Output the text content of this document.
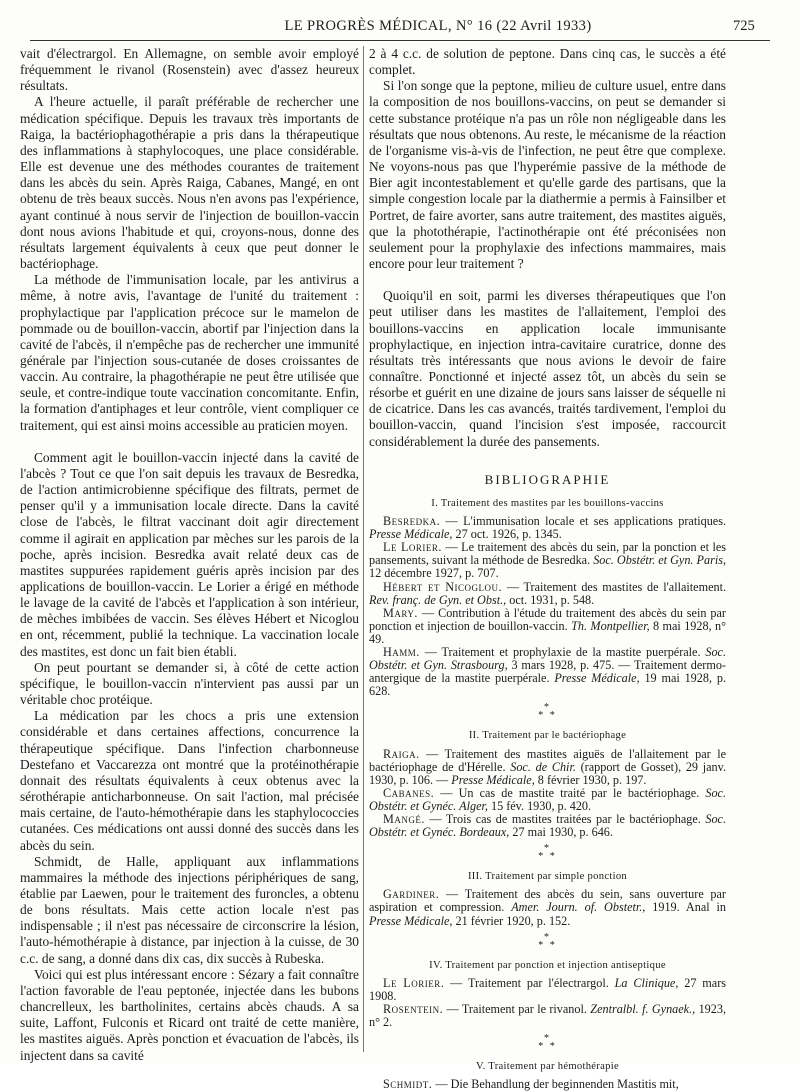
LE PROGRÈS MÉDICAL, N° 16 (22 Avril 1933)	725

vait d'électrargol. En Allemagne, on semble avoir employé fréquemment le rivanol (Rosenstein) avec d'assez heureux résultats.

A l'heure actuelle, il paraît préférable de rechercher une médication spécifique. Depuis les travaux très importants de Raiga, la bactériophagothérapie a pris dans la thérapeutique des inflammations à staphylocoques, une place considérable. Elle est devenue une des méthodes courantes de traitement dans les abcès du sein. Après Raiga, Cabanes, Mangé, en ont obtenu de très beaux succès. Nous n'en avons pas l'expérience, ayant continué à nous servir de l'injection de bouillon-vaccin dont nous avions l'habitude et qui, croyons-nous, donne des résultats largement équivalents à ceux que peut donner le bactériophage.

La méthode de l'immunisation locale, par les antivirus a même, à notre avis, l'avantage de l'unité du traitement : prophylactique par l'application précoce sur le mamelon de pommade ou de bouillon-vaccin, abortif par l'injection dans la cavité de l'abcès, il n'empêche pas de rechercher une immunité générale par l'injection sous-cutanée de doses croissantes de vaccin. Au contraire, la phagothérapie ne peut être utilisée que seule, et contre-indique toute vaccination concomitante. Enfin, la formation d'antiphages et leur contrôle, vient compliquer ce traitement, qui est ainsi moins accessible au praticien moyen.

Comment agit le bouillon-vaccin injecté dans la cavité de l'abcès ? Tout ce que l'on sait depuis les travaux de Besredka, de l'action antimicrobienne spécifique des filtrats, permet de penser qu'il y a immunisation locale directe. Dans la cavité close de l'abcès, le filtrat vaccinant doit agir directement comme il agirait en application par mèches sur les parois de la poche, après incision. Besredka avait relaté deux cas de mastites suppurées rapidement guéris après incision par des applications de bouillon-vaccin. Le Lorier a érigé en méthode le lavage de la cavité de l'abcès et l'application à son intérieur, de mèches imbibées de vaccin. Ses élèves Hébert et Nicoglou en ont, récemment, publié la technique. La vaccination locale des mastites, est donc un fait bien établi.

On peut pourtant se demander si, à côté de cette action spécifique, le bouillon-vaccin n'intervient pas aussi par un véritable choc protéique.

La médication par les chocs a pris une extension considérable et dans certaines affections, concurrence la thérapeutique spécifique. Dans l'infection charbonneuse Destefano et Vaccarezza ont montré que la protéinothérapie donnait des résultats équivalents à ceux obtenus avec la sérothérapie anticharbonneuse. On sait l'action, mal précisée mais certaine, de l'auto-hémothérapie dans les staphylococcies cutanées. Ces médications ont aussi donné des succès dans les abcès du sein.

Schmidt, de Halle, appliquant aux inflammations mammaires la méthode des injections périphériques de sang, établie par Laewen, pour le traitement des furoncles, a obtenu de bons résultats. Mais cette action locale n'est pas indispensable ; il n'est pas nécessaire de circonscrire la lésion, l'auto-hémothérapie à distance, par injection à la cuisse, de 30 c.c. de sang, a donné dans dix cas, dix succès à Rubeska.

Voici qui est plus intéressant encore : Sézary a fait connaître l'action favorable de l'eau peptonée, injectée dans les bubons chancrelleux, les bartholinites, certains abcès chauds. A sa suite, Laffont, Fulconis et Ricard ont traité de cette manière, les mastites aiguës. Après ponction et évacuation de l'abcès, ils injectent dans sa cavité

2 à 4 c.c. de solution de peptone. Dans cinq cas, le succès a été complet.

Si l'on songe que la peptone, milieu de culture usuel, entre dans la composition de nos bouillons-vaccins, on peut se demander si cette substance protéique n'a pas un rôle non négligeable dans les résultats que nous obtenons. Au reste, le mécanisme de la réaction de l'organisme vis-à-vis de l'infection, ne peut être que complexe. Ne voyons-nous pas que l'hyperémie passive de la méthode de Bier agit incontestablement et qu'elle garde des partisans, que la simple congestion locale par la diathermie a permis à Fainsilber et Portret, de faire avorter, sans autre traitement, des mastites aiguës, que la photothérapie, l'actinothérapie ont été préconisées non seulement pour la prophylaxie des infections mammaires, mais encore pour leur traitement ?

Quoiqu'il en soit, parmi les diverses thérapeutiques que l'on peut utiliser dans les mastites de l'allaitement, l'emploi des bouillons-vaccins en application locale immunisante prophylactique, en injection intra-cavitaire curatrice, donne des résultats très intéressants que nous avions le devoir de faire connaître. Ponctionné et injecté assez tôt, un abcès du sein se résorbe et guérit en une dizaine de jours sans laisser de séquelle ni de cicatrice. Dans les cas avancés, traités tardivement, l'emploi du bouillon-vaccin, quand l'incision s'est imposée, raccourcit considérablement la durée des pansements.

BIBLIOGRAPHIE
I. Traitement des mastites par les bouillons-vaccins

Besredka. — L'immunisation locale et ses applications pratiques. Presse Médicale, 27 oct. 1926, p. 1345.

Le Lorier. — Le traitement des abcès du sein, par la ponction et les pansements, suivant la méthode de Besredka. Soc. Obstétr. et Gyn. Paris, 12 décembre 1927, p. 707.

Hébert et Nicoglou. — Traitement des mastites de l'allaitement. Rev. franç. de Gyn. et Obst., oct. 1931, p. 548.

Mary. — Contribution à l'étude du traitement des abcès du sein par ponction et injection de bouillon-vaccin. Th. Montpellier, 8 mai 1928, n° 49.

Hamm. — Traitement et prophylaxie de la mastite puerpérale. Soc. Obstétr. et Gyn. Strasbourg, 3 mars 1928, p. 475. — Traitement dermo-antergique de la mastite puerpérale. Presse Médicale, 19 mai 1928, p. 628.

*
* *
II. Traitement par le bactériophage

Raiga. — Traitement des mastites aiguës de l'allaitement par le bactériophage de d'Hérelle. Soc. de Chir. (rapport de Gosset), 29 janv. 1930, p. 106. — Presse Médicale, 8 février 1930, p. 197.

Cabanes. — Un cas de mastite traité par le bactériophage. Soc. Obstétr. et Gynéc. Alger, 15 fév. 1930, p. 420.

Mangé. — Trois cas de mastites traitées par le bactériophage. Soc. Obstétr. et Gynéc. Bordeaux, 27 mai 1930, p. 646.

*
* *
III. Traitement par simple ponction

Gardiner. — Traitement des abcès du sein, sans ouverture par aspiration et compression. Amer. Journ. of. Obstetr., 1919. Anal in Presse Médicale, 21 février 1920, p. 152.

*
* *
IV. Traitement par ponction et injection antiseptique

Le Lorier. — Traitement par l'électrargol. La Clinique, 27 mars 1908.

Rosentein. — Traitement par le rivanol. Zentralbl. f. Gynaek., 1923, n° 2.

*
* *
V. Traitement par hémothérapie

Schmidt. — Die Behandlung der beginnenden Mastitis mit,
